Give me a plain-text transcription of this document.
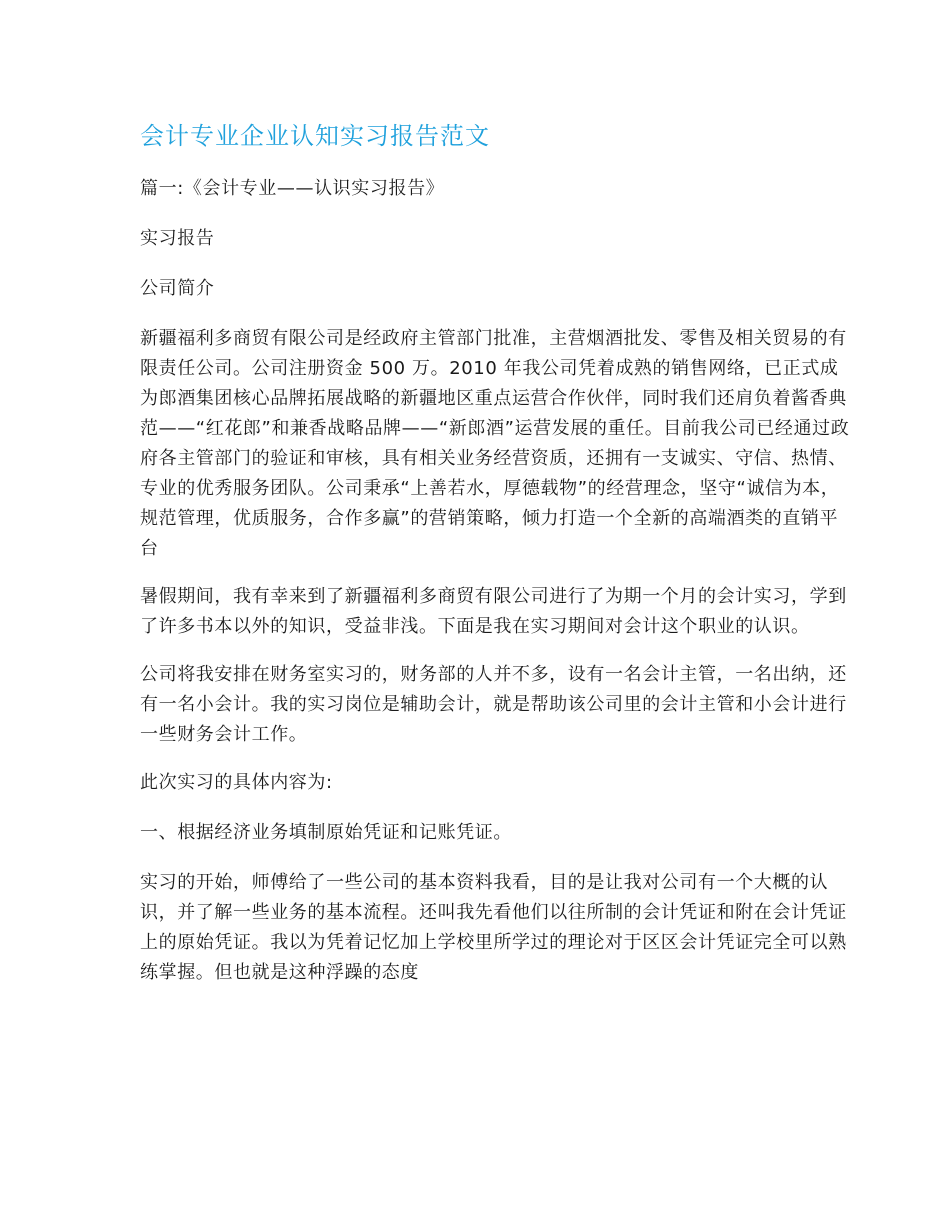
会计专业企业认知实习报告范文

篇一:《会计专业——认识实习报告》

实习报告

公司简介

新疆福利多商贸有限公司是经政府主管部门批准，主营烟酒批发、零售及相关贸易的有限责任公司。公司注册资金 500 万。2010 年我公司凭着成熟的销售网络，已正式成为郎酒集团核心品牌拓展战略的新疆地区重点运营合作伙伴，同时我们还肩负着酱香典范——“红花郎”和兼香战略品牌——“新郎酒”运营发展的重任。目前我公司已经通过政府各主管部门的验证和审核，具有相关业务经营资质，还拥有一支诚实、守信、热情、专业的优秀服务团队。公司秉承“上善若水，厚德载物”的经营理念，坚守“诚信为本，规范管理，优质服务，合作多赢”的营销策略，倾力打造一个全新的高端酒类的直销平台

暑假期间，我有幸来到了新疆福利多商贸有限公司进行了为期一个月的会计实习，学到了许多书本以外的知识，受益非浅。下面是我在实习期间对会计这个职业的认识。

公司将我安排在财务室实习的，财务部的人并不多，设有一名会计主管，一名出纳，还有一名小会计。我的实习岗位是辅助会计，就是帮助该公司里的会计主管和小会计进行一些财务会计工作。

此次实习的具体内容为:

一、根据经济业务填制原始凭证和记账凭证。

实习的开始，师傅给了一些公司的基本资料我看，目的是让我对公司有一个大概的认识，并了解一些业务的基本流程。还叫我先看他们以往所制的会计凭证和附在会计凭证上的原始凭证。我以为凭着记忆加上学校里所学过的理论对于区区会计凭证完全可以熟练掌握。但也就是这种浮躁的态度
